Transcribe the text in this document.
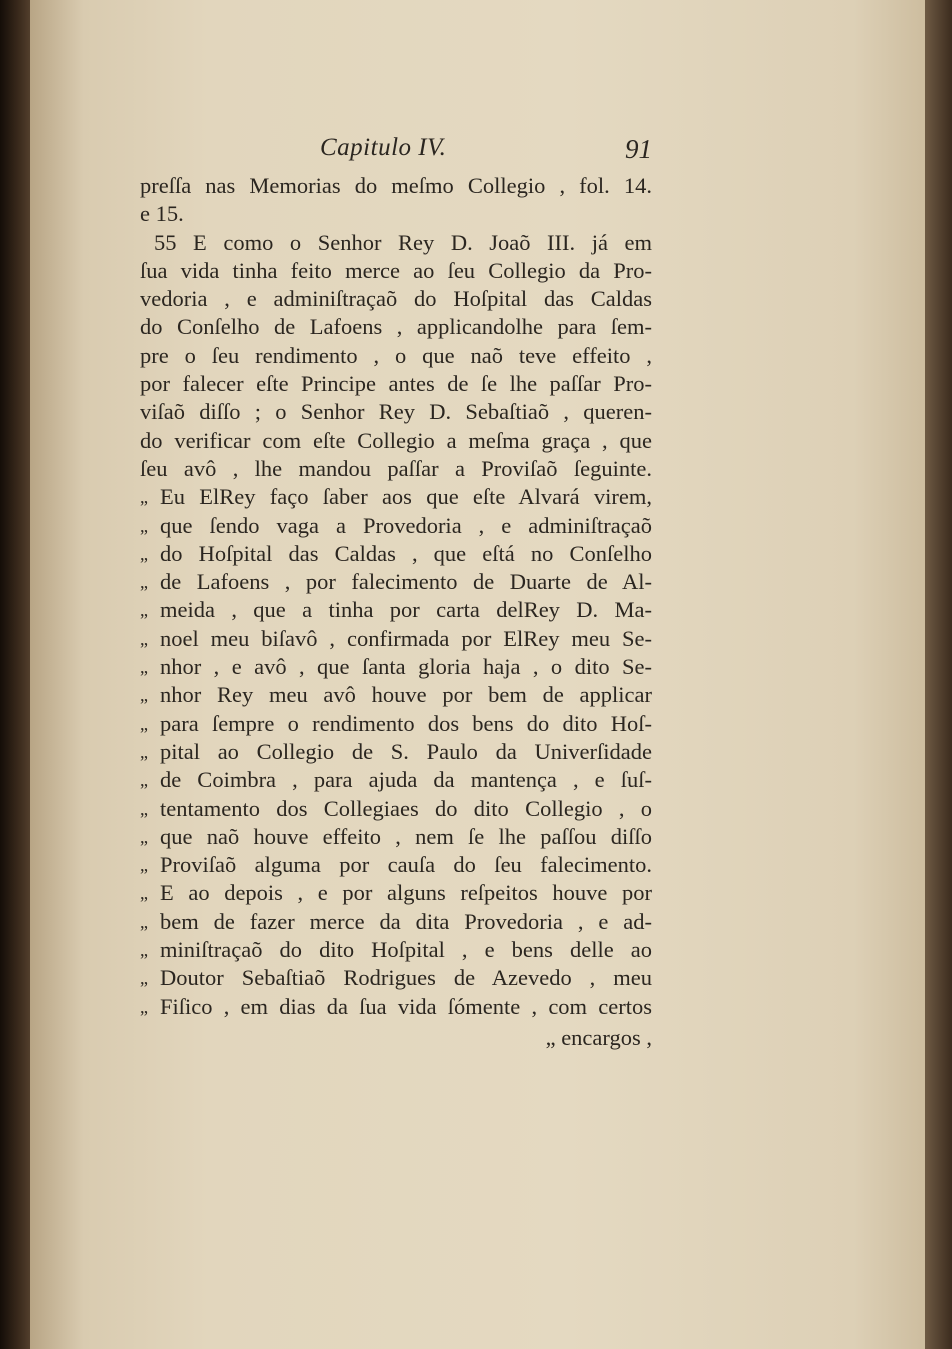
Capitulo IV.	91
preſſa nas Memorias do meſmo Collegio , fol. 14.
e 15.
55 E como o Senhor Rey D. Joaõ III. já em
ſua vida tinha feito merce ao ſeu Collegio da Pro-
vedoria , e adminiſtraçaõ do Hoſpital das Caldas
do Conſelho de Lafoens , applicandolhe para ſem-
pre o ſeu rendimento , o que naõ teve effeito ,
por falecer eſte Principe antes de ſe lhe paſſar Pro-
viſaõ diſſo ; o Senhor Rey D. Sebaſtiaõ , queren-
do verificar com eſte Collegio a meſma graça , que
ſeu avô , lhe mandou paſſar a Proviſaõ ſeguinte.
„ Eu ElRey faço ſaber aos que eſte Alvará virem,
„ que ſendo vaga a Provedoria , e adminiſtraçaõ
„ do Hoſpital das Caldas , que eſtá no Conſelho
„ de Lafoens , por falecimento de Duarte de Al-
„ meida , que a tinha por carta delRey D. Ma-
„ noel meu biſavô , confirmada por ElRey meu Se-
„ nhor , e avô , que ſanta gloria haja , o dito Se-
„ nhor Rey meu avô houve por bem de applicar
„ para ſempre o rendimento dos bens do dito Hoſ-
„ pital ao Collegio de S. Paulo da Univerſidade
„ de Coimbra , para ajuda da mantença , e ſuſ-
„ tentamento dos Collegiaes do dito Collegio , o
„ que naõ houve effeito , nem ſe lhe paſſou diſſo
„ Proviſaõ alguma por cauſa do ſeu falecimento.
„ E ao depois , e por alguns reſpeitos houve por
„ bem de fazer merce da dita Provedoria , e ad-
„ miniſtraçaõ do dito Hoſpital , e bens delle ao
„ Doutor Sebaſtiaõ Rodrigues de Azevedo , meu
„ Fiſico , em dias da ſua vida ſómente , com certos
„ encargos ,
